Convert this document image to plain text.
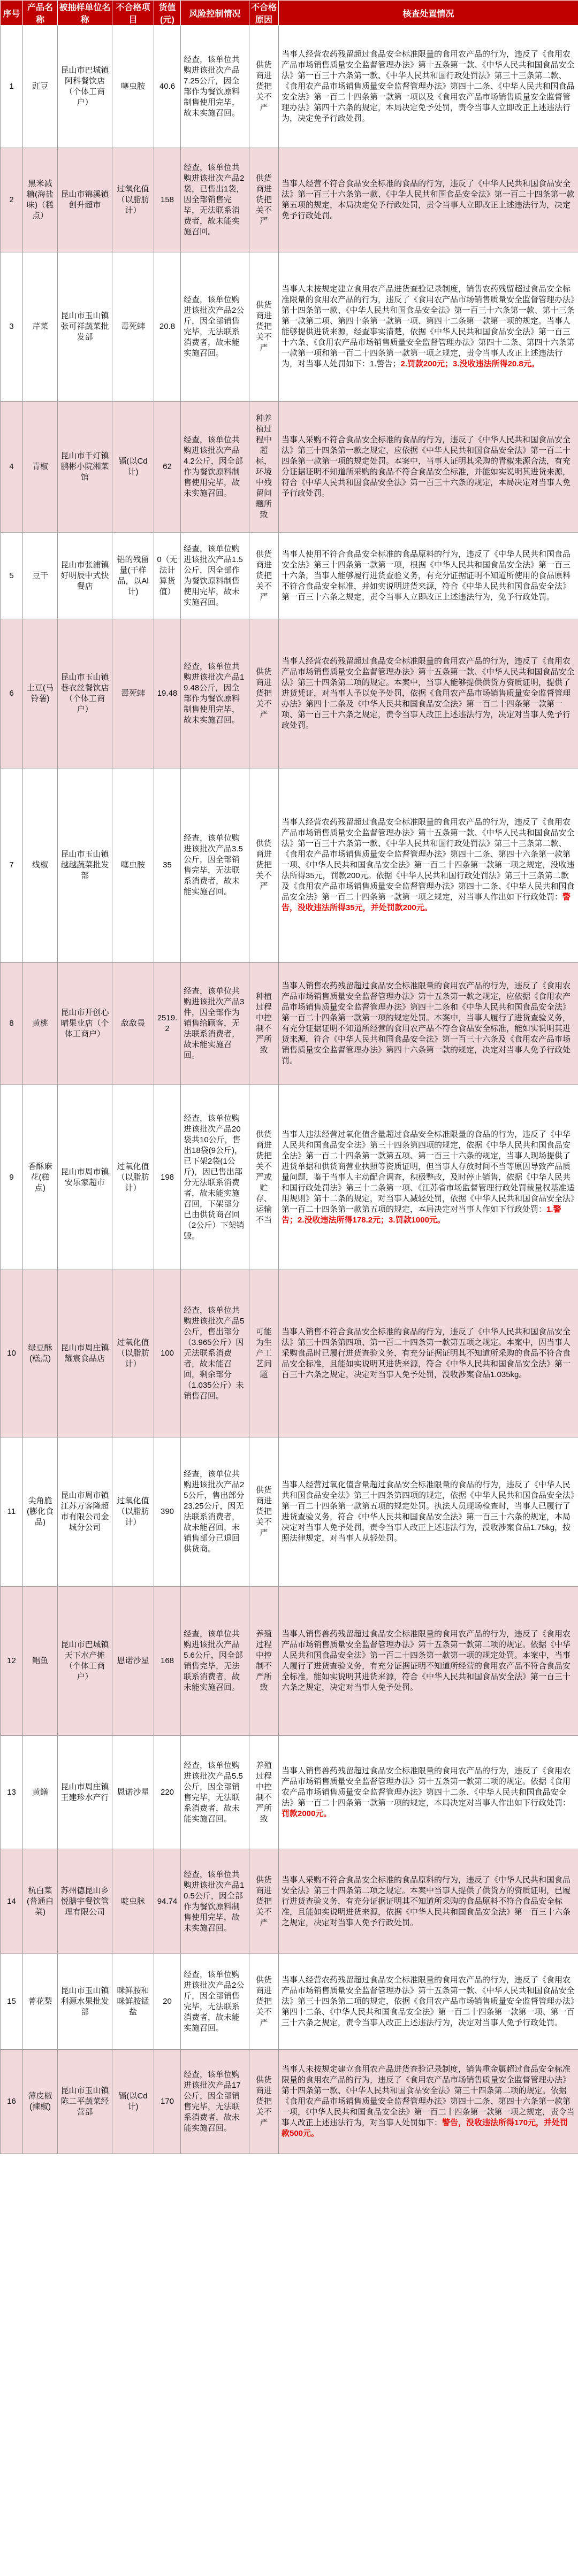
序号	产品名称	被抽样单位名称	不合格项目	货值(元)	风险控制情况	不合格原因	核查处置情况
1	豇豆	昆山市巴城镇阿科餐饮店（个体工商户）	噻虫胺	40.6	经查，该单位共购进该批次产品7.25公斤，因全部作为餐饮原料制售使用完毕，故未实施召回。	供货商进货把关不严	当事人经营农药残留超过食品安全标准限量的食用农产品的行为，违反了《食用农产品市场销售质量安全监督管理办法》第十五条第一款、《中华人民共和国食品安全法》第一百三十六条第一款、《中华人民共和国行政处罚法》第三十三条第二款、《食用农产品市场销售质量安全监督管理办法》第四十二条、《中华人民共和国食品安全法》第一百二十四条第一款第一项以及《食用农产品市场销售质量安全监督管理办法》第四十六条的规定，本局决定免予处罚，责令当事人立即改正上述违法行为，决定免予行政处罚。
2	黑米减糖(海盐味)（糕点）	昆山市锦溪镇创升超市	过氧化值（以脂肪计）	158	经查，该单位共购进该批次产品2袋，已售出1袋，因全部销售完毕，无法联系消费者，故未能实施召回。	供货商进货把关不严	当事人经营不符合食品安全标准的食品的行为，违反了《中华人民共和国食品安全法》第一百三十六条第一款、《中华人民共和国食品安全法》第一百二十四条第一款第五项的规定，本局决定免予行政处罚，责令当事人立即改正上述违法行为，决定免予行政处罚。
3	芹菜	昆山市玉山镇张可祥蔬菜批发部	毒死蜱	20.8	经查，该单位购进该批次产品2公斤，因全部销售完毕，无法联系消费者，故未能实施召回。	供货商进货把关不严	当事人未按规定建立食用农产品进货查验记录制度，销售农药残留超过食品安全标准限量的食用农产品的行为，违反了《食用农产品市场销售质量安全监督管理办法》第十四条第一款、《中华人民共和国食品安全法》第一百三十六条第一款、第十三条第一款第二项、第四十条第一款第一项、第四十二条第一款第一项的规定。当事人能够提供进货来源，经查事实清楚，依据《中华人民共和国食品安全法》第一百三十六条、《食用农产品市场销售质量安全监督管理办法》第四十二条、第四十六条第一款第一项和第一百二十四条第一款第一项之规定，责令当事人改正上述违法行为，对当事人处罚如下：1.警告；2.罚款200元；3.没收违法所得20.8元。
4	青椒	昆山市千灯镇鹏彬小院湘菜馆	镉(以Cd计)	62	经查，该单位共购进该批次产品4.2公斤，因全部作为餐饮原料制售使用完毕，故未实施召回。	种养植过程中超标，环境中残留问题所致	当事人采购不符合食品安全标准的食品的行为，违反了《中华人民共和国食品安全法》第三十四条第一款之规定，应依据《中华人民共和国食品安全法》第一百二十四条第一款第一项的规定处罚。本案中，当事人证明其采购的青椒来源合法，有充分证据证明不知道所采购的食品不符合食品安全标准，并能如实说明其进货来源，符合《中华人民共和国食品安全法》第一百三十六条的规定，本局决定对当事人免予行政处罚。
5	豆干	昆山市张浦镇好明辰中式快餐店	铝的残留量(干样品，以Al计)	0（无法计算货值）	经查，该单位购进该批次产品1.5公斤，因全部作为餐饮原料制售使用完毕，故未实施召回。	供货商进货把关不严	当事人使用不符合食品安全标准的食品原料的行为，违反了《中华人民共和国食品安全法》第三十四条第一款第一项，根据《中华人民共和国食品安全法》第一百三十六条，当事人能够履行进货查验义务，有充分证据证明不知道所使用的食品原料不符合食品安全标准，并如实说明进货来源，符合《中华人民共和国食品安全法》第一百三十六条之规定，责令当事人立即改正上述违法行为，免予行政处罚。
6	土豆(马铃薯)	昆山市玉山镇巷衣丝餐饮店（个体工商户）	毒死蜱	19.48	经查，该单位共购进该批次产品19.48公斤，因全部作为餐饮原料制售使用完毕，故未实施召回。	供货商进货把关不严	当事人经营农药残留超过食品安全标准限量的食用农产品的行为，违反了《食用农产品市场销售质量安全监督管理办法》第十五条第一款、《中华人民共和国食品安全法》第三十四条第二项的规定。本案中，当事人能够提供供货方资质证明，提供了进货凭证，对当事人予以免予处罚，依据《食用农产品市场销售质量安全监督管理办法》第四十二条及《中华人民共和国食品安全法》第一百二十四条第一款第一项、第一百三十六条之规定，责令当事人改正上述违法行为，决定对当事人免予行政处罚。
7	线椒	昆山市玉山镇越越蔬菜批发部	噻虫胺	35	经查，该单位购进该批次产品3.5公斤，因全部销售完毕，无法联系消费者，故未能实施召回。	供货商进货把关不严	当事人经营农药残留超过食品安全标准限量的食用农产品的行为，违反了《食用农产品市场销售质量安全监督管理办法》第十五条第一款、《中华人民共和国食品安全法》第一百三十六条第一款、《中华人民共和国行政处罚法》第三十三条第二款、《食用农产品市场销售质量安全监督管理办法》第四十二条、第四十六条第一款第一项、《中华人民共和国食品安全法》第一百二十四条第一款第一项之规定，没收违法所得35元，罚款200元。依据《中华人民共和国行政处罚法》第三十三条第二款及《食用农产品市场销售质量安全监督管理办法》第四十二条、《中华人民共和国食品安全法》第一百二十四条第一款第一项之规定，对当事人作出如下行政处罚：警告，没收违法所得35元，并处罚款200元。
8	黄桃	昆山市开创心晴果业店（个体工商户）	敌敌畏	2519.2	经查，该单位共购进该批次产品3件，因全部作为销售给顾客，无法联系消费者，故未能实施召回。	种植过程中控制不严所致	当事人销售农药残留超过食品安全标准限量的食用农产品的行为，违反了《食用农产品市场销售质量安全监督管理办法》第十五条第一款之规定，应依据《食用农产品市场销售质量安全监督管理办法》第四十二条和《中华人民共和国食品安全法》第一百二十四条第一款第一项的规定处罚。本案中，当事人履行了进货查验义务，有充分证据证明不知道所经营的食用农产品不符合食品安全标准，能如实说明其进货来源，符合《中华人民共和国食品安全法》第一百三十六条及《食用农产品市场销售质量安全监督管理办法》第四十六条第一款的规定，决定对当事人免予行政处罚。
9	香酥麻花(糕点)	昆山市周市镇安乐家超市	过氧化值（以脂肪计）	198	经查，该单位购进该批次产品20袋共10公斤，售出18袋(9公斤)，已下架2袋(1公斤)，因已售出部分无法联系消费者，故未能实施召回，下架部分已由供货商召回（2公斤）下架销毁。	供货商进货把关不严或贮存、运输不当	当事人违法经营过氧化值含量超过食品安全标准限量的食品的行为，违反了《中华人民共和国食品安全法》第三十四条第四项的规定，依据《中华人民共和国食品安全法》第一百二十四条第一款第五项、第一百三十六条的规定，当事人现场提供了进货单据和供货商营业执照等资质证明，但当事人存放时间不当等原因导致产品质量问题，鉴于当事人主动配合调查，积极整改，及时停止销售，依据《中华人民共和国行政处罚法》第三十二条第一项、《江苏省市场监督管理行政处罚裁量权基准适用规则》第十二条的规定，对当事人减轻处罚，依据《中华人民共和国食品安全法》第一百二十四条第一款第五项的规定，本局决定对当事人作如下行政处罚：1.警告；2.没收违法所得178.2元；3.罚款1000元。
10	绿豆酥(糕点)	昆山市周庄镇耀宸食品店	过氧化值（以脂肪计）	100	经查，该单位共购进该批次产品5公斤，售出部分（3.965公斤）因无法联系消费者，故未能召回，剩余部分（1.035公斤）未销售召回。	可能为生产工艺问题	当事人销售不符合食品安全标准的食品的行为，违反了《中华人民共和国食品安全法》第三十四条第四项、第一百二十四条第一款第五项之规定。本案中，因当事人采购食品时已履行进货查验义务，有充分证据证明其不知道所采购的食品不符合食品安全标准，且能如实说明其进货来源，符合《中华人民共和国食品安全法》第一百三十六条之规定，决定对当事人免予处罚，没收涉案食品1.035kg。
11	尖角脆(膨化食品)	昆山市周市镇江苏万客隆超市有限公司金城分公司	过氧化值（以脂肪计）	390	经查，该单位共购进该批次产品25公斤，售出部分23.25公斤，因无法联系消费者，故未能召回，未销售部分已退回供货商。	供货商进货把关不严	当事人经营过氧化值含量超过食品安全标准限量的食品的行为，违反了《中华人民共和国食品安全法》第三十四条第四项的规定，依据《中华人民共和国食品安全法》第一百二十四条第一款第五项的规定处罚。执法人员现场检查时，当事人已履行了进货查验义务，符合《中华人民共和国食品安全法》第一百三十六条的规定，本局决定对当事人免予处罚，责令当事人改正上述违法行为，没收涉案食品1.75kg，按照法律规定，对当事人从轻处罚。
12	鲳鱼	昆山市巴城镇天下水产摊（个体工商户）	恩诺沙星	168	经查，该单位共购进该批次产品5.6公斤，因全部销售完毕，无法联系消费者，故未能实施召回。	养殖过程中控制不严所致	当事人销售兽药残留超过食品安全标准限量的食用农产品的行为，违反了《食用农产品市场销售质量安全监督管理办法》第十五条第一款第二项的规定。依据《中华人民共和国食品安全法》第一百二十四条第一款第一项的规定处罚。本案中，当事人履行了进货查验义务，有充分证据证明不知道所经营的食用农产品不符合食品安全标准，能如实说明其进货来源，符合《中华人民共和国食品安全法》第一百三十六条之规定，决定对当事人免予处罚。
13	黄鳝	昆山市周庄镇王建珍水产行	恩诺沙星	220	经查，该单位购进该批次产品5.5公斤，因全部销售完毕，无法联系消费者，故未能实施召回。	养殖过程中控制不严所致	当事人销售兽药残留超过食品安全标准限量的食用农产品的行为，违反了《食用农产品市场销售质量安全监督管理办法》第十五条第一款第二项的规定。依据《食用农产品市场销售质量安全监督管理办法》第四十二条、《中华人民共和国食品安全法》第一百二十四条第一款第一项的规定，本局决定对当事人作出如下行政处罚：罚款2000元。
14	杭白菜(普通白菜)	苏州德昆山乡悦膳宇餐饮管理有限公司	啶虫脒	94.74	经查，该单位共购进该批次产品10.5公斤，因全部作为餐饮原料制售使用完毕，故未实施召回。	供货商进货把关不严	当事人采购不符合食品安全标准的食品原料的行为，违反了《中华人民共和国食品安全法》第三十四条第二项之规定。本案中当事人提供了供货方的资质证明，已履行进货查验义务，有充分证据证明其不知道所采购的食品原料不符合食品安全标准，且能如实说明进货来源，依据《中华人民共和国食品安全法》第一百三十六条之规定，决定对当事人免予行政处罚。
15	菁花梨	昆山市玉山镇利源水果批发部	咪鲜胺和咪鲜胺锰盐	20	经查，该单位购进该批次产品2公斤，因全部销售完毕，无法联系消费者，故未能实施召回。	供货商进货把关不严	当事人经营农药残留超过食品安全标准限量的食用农产品的行为，违反了《食用农产品市场销售质量安全监督管理办法》第十五条第一款、《中华人民共和国食品安全法》第三十四条第二项的规定，依据《食用农产品市场销售质量安全监督管理办法》第四十二条、《中华人民共和国食品安全法》第一百二十四条第一款第一项、第一百三十六条之规定，责令当事人改正上述违法行为，决定对当事人免予行政处罚。
16	薄皮椒(辣椒)	昆山市玉山镇陈二平蔬菜经营部	镉(以Cd计)	170	经查，该单位购进该批次产品17公斤，因全部销售完毕，无法联系消费者，故未能实施召回。	供货商进货把关不严	当事人未按规定建立食用农产品进货查验记录制度，销售重金属超过食品安全标准限量的食用农产品的行为，违反了《食用农产品市场销售质量安全监督管理办法》第十四条第一款、《中华人民共和国食品安全法》第三十四条第二项的规定。依据《食用农产品市场销售质量安全监督管理办法》第四十二条、第四十六条第一款第一项，《中华人民共和国食品安全法》第一百二十四条第一款第一项之规定，责令当事人改正上述违法行为，对当事人处罚如下：警告，没收违法所得170元，并处罚款500元。
